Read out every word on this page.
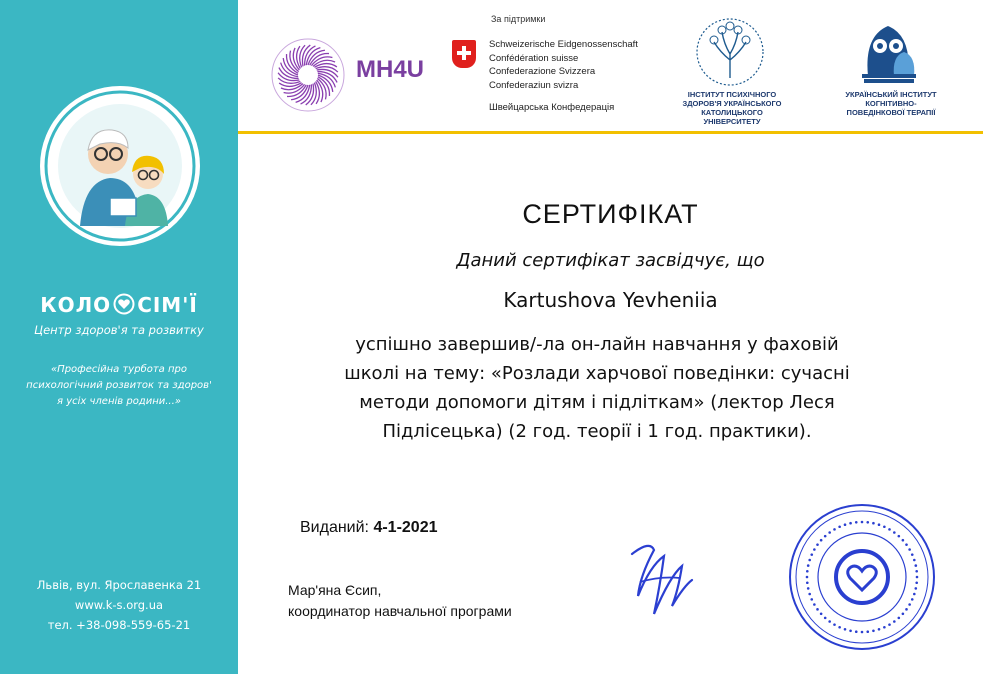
КОЛО СІМ'Ї
Центр здоров'я та розвитку
«Професійна турбота про
психологічний розвиток та здоров'
я усіх членів родини...»
Львів, вул. Ярославенка 21
www.k-s.org.ua
тел. +38-098-559-65-21
MH4U
За підтримки
Schweizerische Eidgenossenschaft
Confédération suisse
Confederazione Svizzera
Confederaziun svizra
Швейцарська Конфедерація
ІНСТИТУТ ПСИХІЧНОГО
ЗДОРОВ'Я УКРАЇНСЬКОГО
КАТОЛИЦЬКОГО
УНІВЕРСИТЕТУ
УКРАЇНСЬКИЙ ІНСТИТУТ
КОГНІТИВНО-
ПОВЕДІНКОВОЇ ТЕРАПІЇ
СЕРТИФІКАТ
Даний сертифікат засвідчує, що
Kartushova Yevheniia
успішно завершив/-ла он-лайн навчання у фаховій
школі на тему: «Розлади харчової поведінки: сучасні
методи допомоги дітям і підліткам» (лектор Леся
Підлісецька) (2 год. теорії і 1 год. практики).
Виданий: 4-1-2021
Мар'яна Єсип,
координатор навчальної програми
